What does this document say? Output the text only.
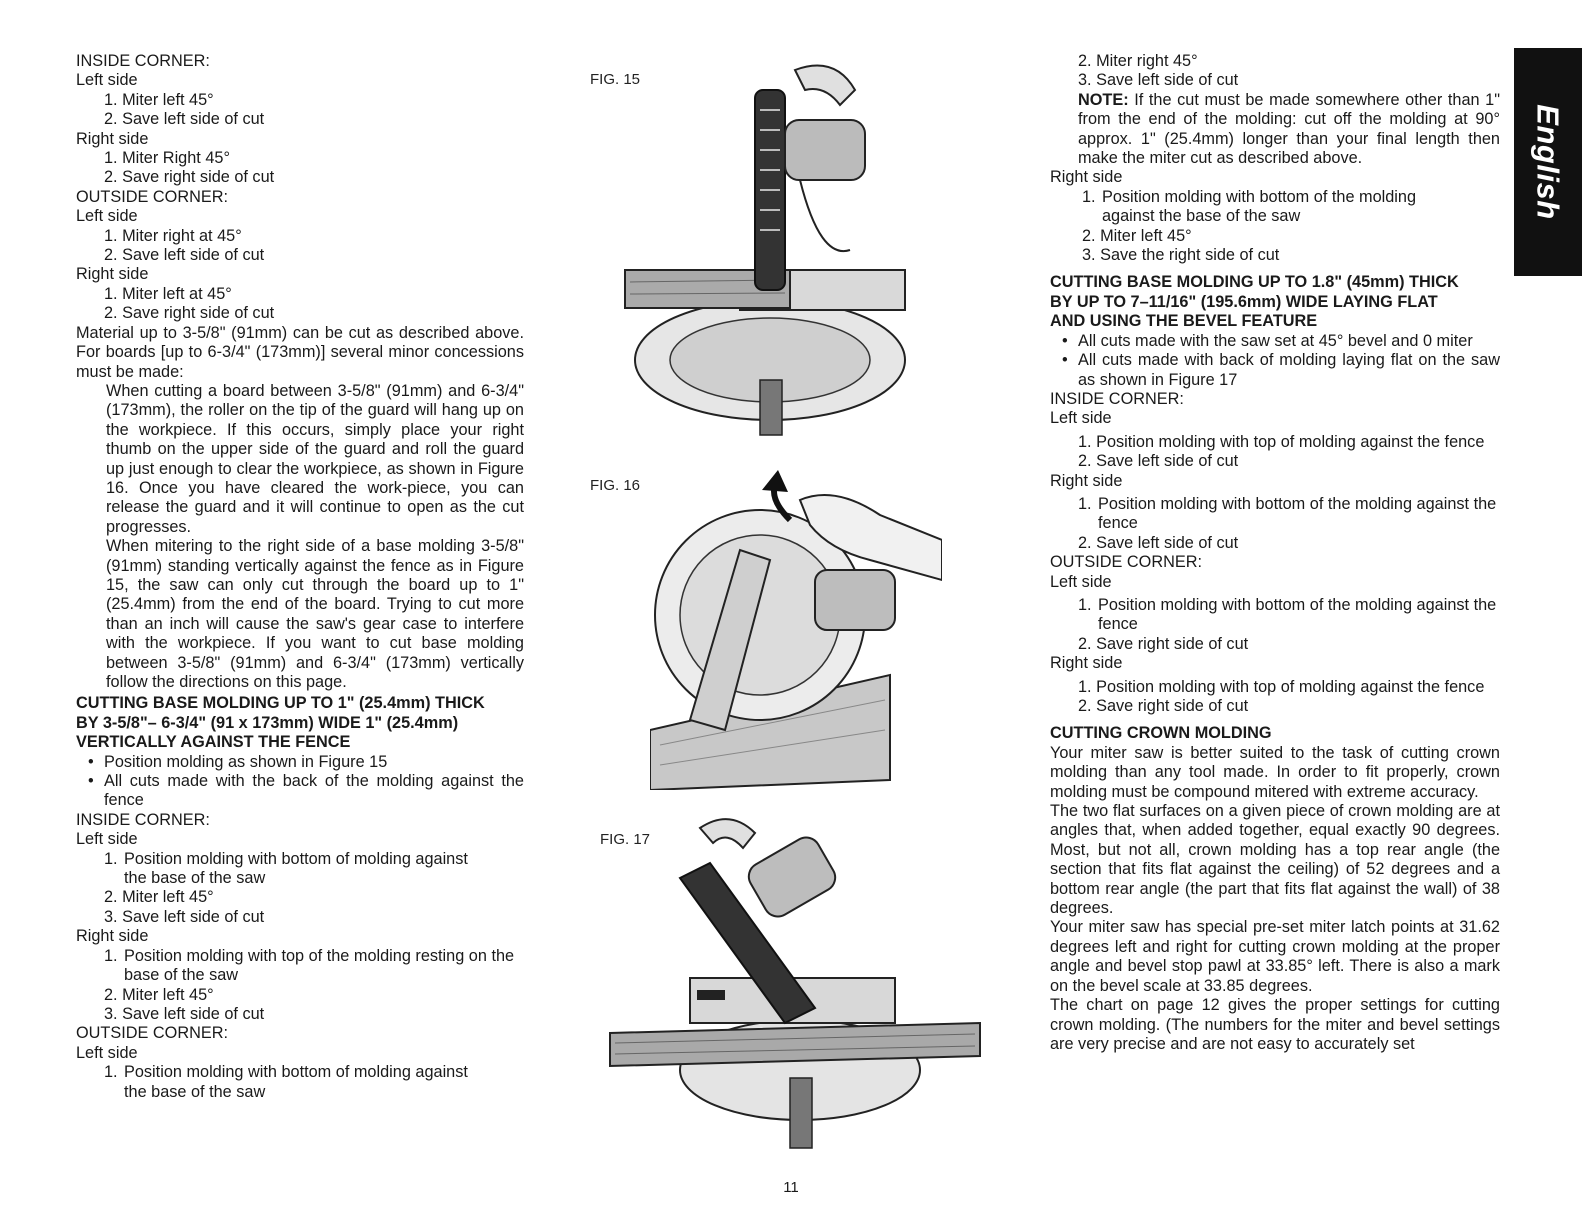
INSIDE CORNER:
Left side
1. Miter left 45°
2. Save left side of cut
Right side
1. Miter Right 45°
2. Save right side of cut
OUTSIDE CORNER:
Left side
1. Miter right at 45°
2. Save left side of cut
Right side
1. Miter left at 45°
2. Save right side of cut
Material up to 3-5/8" (91mm) can be cut as described above. For boards [up to 6-3/4" (173mm)] several minor concessions must be made:
When cutting a board between 3-5/8" (91mm) and 6-3/4" (173mm), the roller on the tip of the guard will hang up on the workpiece. If this occurs, simply place your right thumb on the upper side of the guard and roll the guard up just enough to clear the workpiece, as shown in Figure 16. Once you have cleared the work-piece, you can release the guard and it will continue to open as the cut progresses.
When mitering to the right side of a base molding 3-5/8" (91mm) standing vertically against the fence as in Figure 15, the saw can only cut through the board up to 1" (25.4mm) from the end of the board. Trying to cut more than an inch will cause the saw's gear case to interfere with the workpiece. If you want to cut base molding between 3-5/8" (91mm) and 6-3/4" (173mm) vertically follow the directions on this page.
CUTTING BASE MOLDING UP TO 1" (25.4mm) THICK
BY 3-5/8"– 6-3/4" (91 x 173mm) WIDE 1" (25.4mm)
VERTICALLY AGAINST THE FENCE
• Position molding as shown in Figure 15
• All cuts made with the back of the molding against the fence
INSIDE CORNER:
Left side
1. Position molding with bottom of molding against the base of the saw
2. Miter left 45°
3. Save left side of cut
Right side
1. Position molding with top of the molding resting on the base of the saw
2. Miter left 45°
3. Save left side of cut
OUTSIDE CORNER:
Left side
1. Position molding with bottom of molding against the base of the saw
FIG. 15
FIG. 16
FIG. 17
2. Miter right 45°
3. Save left side of cut
NOTE: If the cut must be made somewhere other than 1" from the end of the molding: cut off the molding at 90° approx. 1" (25.4mm) longer than your final length then make the miter cut as described above.
Right side
1. Position molding with bottom of the molding against the base of the saw
2. Miter left 45°
3. Save the right side of cut
CUTTING BASE MOLDING UP TO 1.8" (45mm) THICK
BY UP TO 7–11/16" (195.6mm) WIDE LAYING FLAT
AND USING THE BEVEL FEATURE
• All cuts made with the saw set at 45° bevel and 0 miter
• All cuts made with back of molding laying flat on the saw as shown in Figure 17
INSIDE CORNER:
Left side
1. Position molding with top of molding against the fence
2. Save left side of cut
Right side
1. Position molding with bottom of the molding against the fence
2. Save left side of cut
OUTSIDE CORNER:
Left side
1. Position molding with bottom of the molding against the fence
2. Save right side of cut
Right side
1. Position molding with top of molding against the fence
2. Save right side of cut
CUTTING CROWN MOLDING
Your miter saw is better suited to the task of cutting crown molding than any tool made. In order to fit properly, crown molding must be compound mitered with extreme accuracy.
The two flat surfaces on a given piece of crown molding are at angles that, when added together, equal exactly 90 degrees. Most, but not all, crown molding has a top rear angle (the section that fits flat against the ceiling) of 52 degrees and a bottom rear angle (the part that fits flat against the wall) of 38 degrees.
Your miter saw has special pre-set miter latch points at 31.62 degrees left and right for cutting crown molding at the proper angle and bevel stop pawl at 33.85° left. There is also a mark on the bevel scale at 33.85 degrees.
The chart on page 12 gives the proper settings for cutting crown molding. (The numbers for the miter and bevel settings are very precise and are not easy to accurately set
English
11
